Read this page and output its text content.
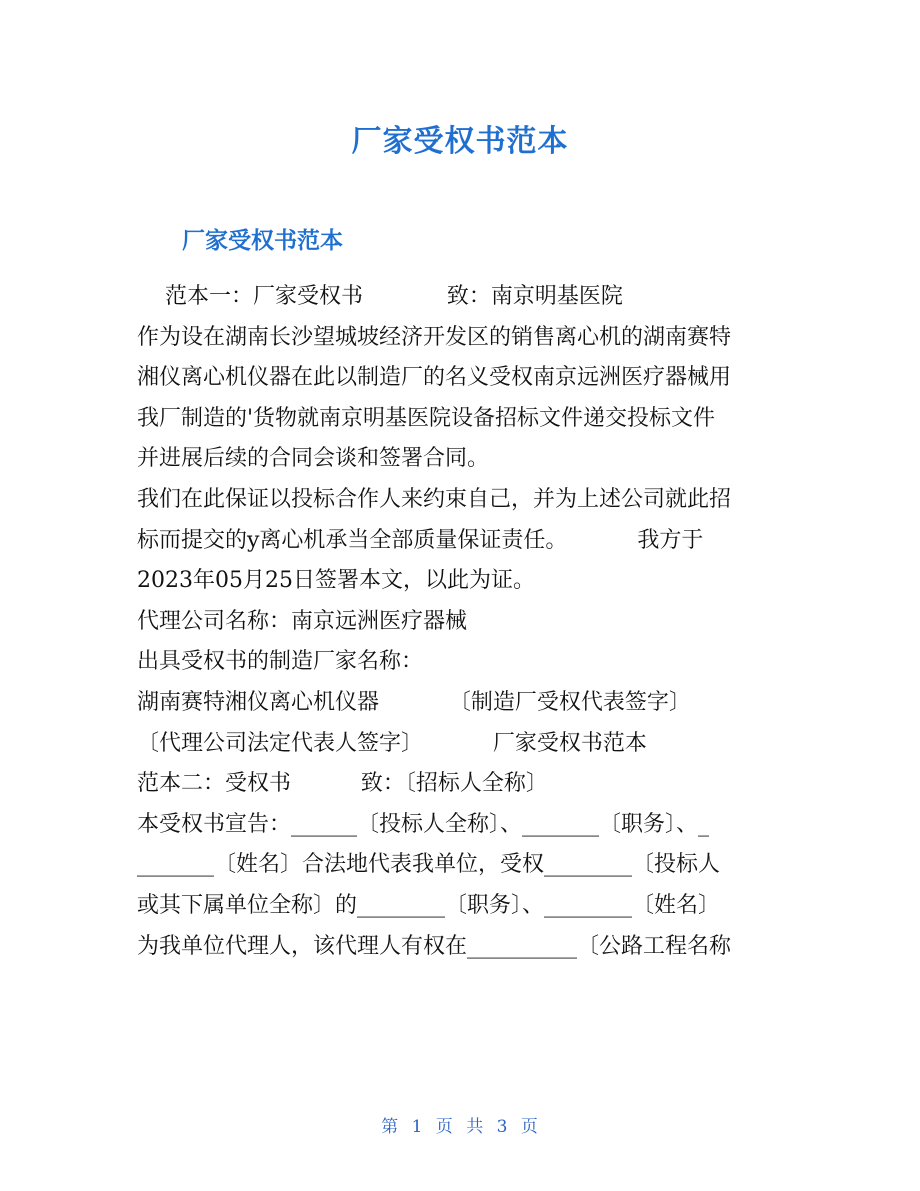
厂家受权书范本
厂家受权书范本
范本一：厂家受权书            致：南京明基医院
作为设在湖南长沙望城坡经济开发区的销售离心机的湖南赛特
湘仪离心机仪器在此以制造厂的名义受权南京远洲医疗器械用
我厂制造的'货物就南京明基医院设备招标文件递交投标文件
并进展后续的合同会谈和签署合同。
我们在此保证以投标合作人来约束自己，并为上述公司就此招
标而提交的y离心机承当全部质量保证责任。          我方于
2023年05月25日签署本文，以此为证。
代理公司名称：南京远洲医疗器械
出具受权书的制造厂家名称：
湖南赛特湘仪离心机仪器          〔制造厂受权代表签字〕
〔代理公司法定代表人签字〕          厂家受权书范本
范本二：受权书          致：〔招标人全称〕
本受权书宣告：______〔投标人全称〕、_______〔职务〕、_
_______〔姓名〕合法地代表我单位，受权________〔投标人
或其下属单位全称〕的________〔职务〕、________〔姓名〕
为我单位代理人，该代理人有权在__________〔公路工程名称
第 1 页 共 3 页
